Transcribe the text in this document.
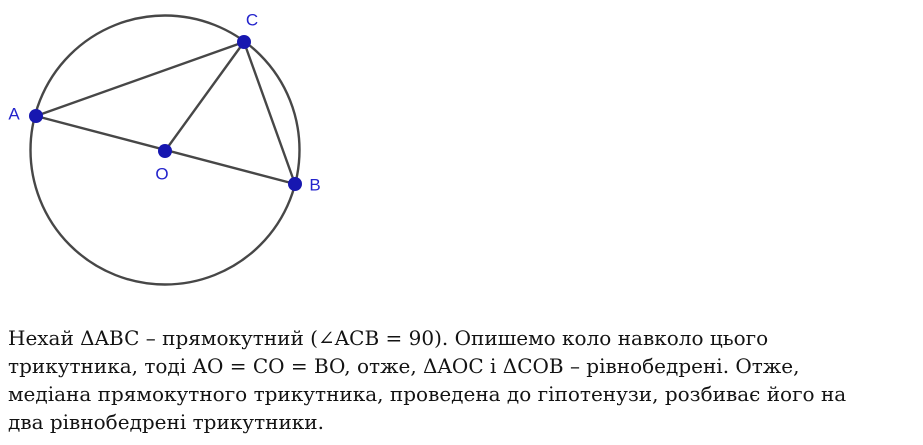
A
C
B
O
Нехай ΔABC – прямокутний (∠ACB = 90). Опишемо коло навколо цього
трикутника, тоді AO = CO = BO, отже, ΔAOC і ΔCOB – рівнобедрені. Отже,
медіана прямокутного трикутника, проведена до гіпотенузи, розбиває його на
два рівнобедрені трикутники.
